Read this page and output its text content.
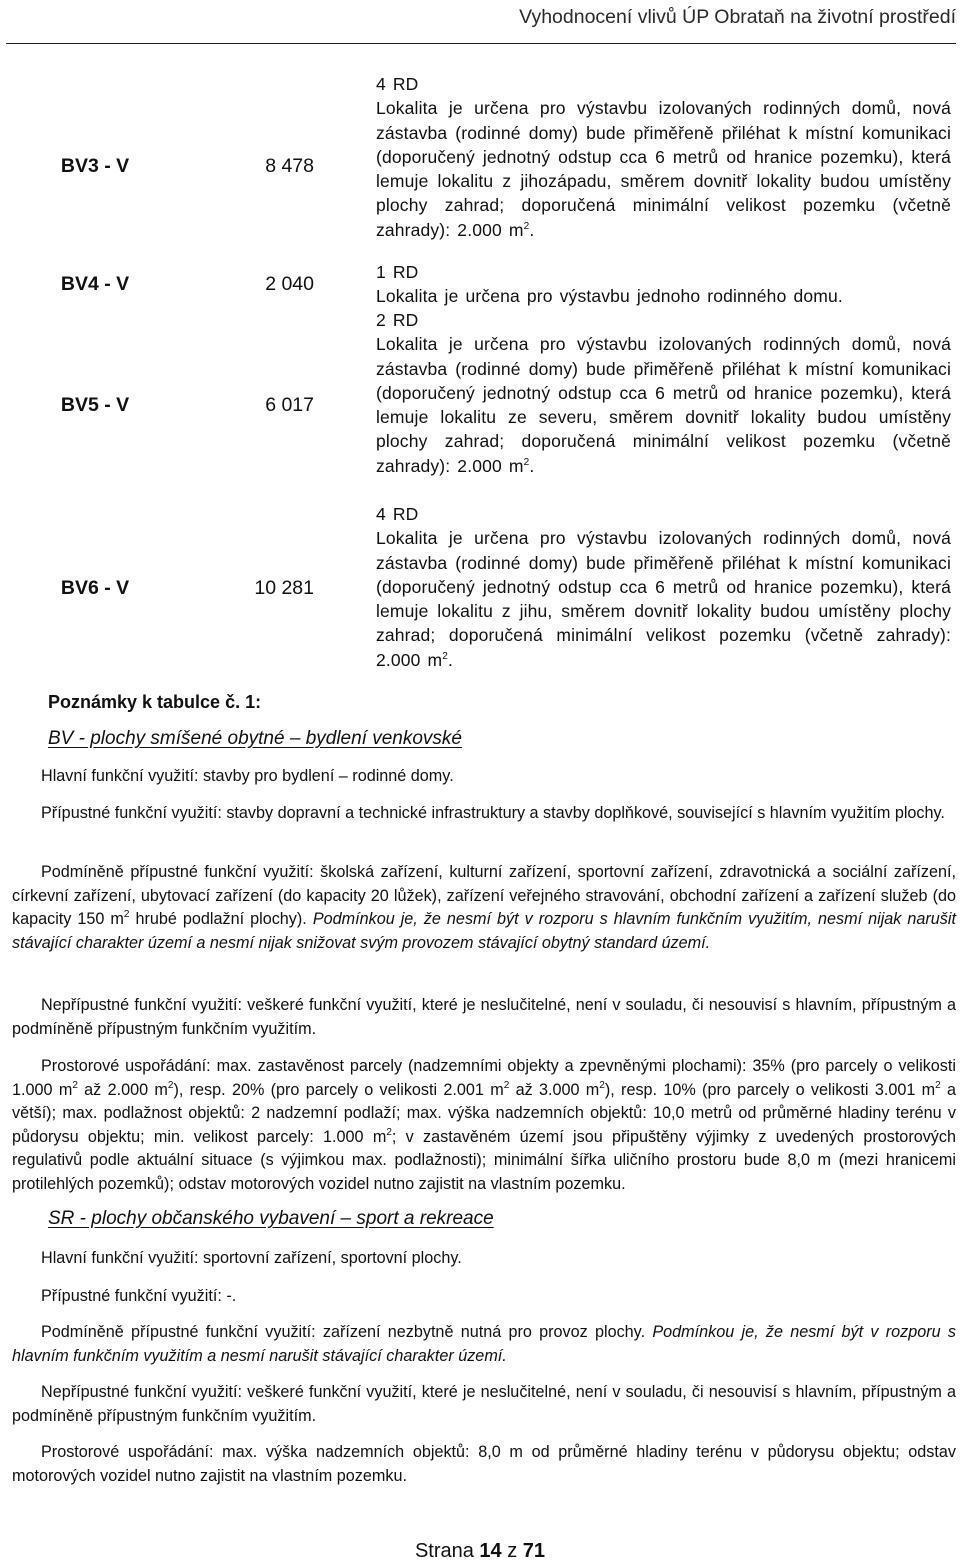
Vyhodnocení vlivů ÚP Obrataň na životní prostředí
BV3 - V	8 478
4 RD
Lokalita je určena pro výstavbu izolovaných rodinných domů, nová zástavba (rodinné domy) bude přiměřeně přiléhat k místní komunikaci (doporučený jednotný odstup cca 6 metrů od hranice pozemku), která lemuje lokalitu z jihozápadu, směrem dovnitř lokality budou umístěny plochy zahrad; doporučená minimální velikost pozemku (včetně zahrady): 2.000 $m^2$.
BV4 - V	2 040
1 RD
Lokalita je určena pro výstavbu jednoho rodinného domu.
BV5 - V	6 017
2 RD
Lokalita je určena pro výstavbu izolovaných rodinných domů, nová zástavba (rodinné domy) bude přiměřeně přiléhat k místní komunikaci (doporučený jednotný odstup cca 6 metrů od hranice pozemku), která lemuje lokalitu ze severu, směrem dovnitř lokality budou umístěny plochy zahrad; doporučená minimální velikost pozemku (včetně zahrady): 2.000 $m^2$.
BV6 - V	10 281
4 RD
Lokalita je určena pro výstavbu izolovaných rodinných domů, nová zástavba (rodinné domy) bude přiměřeně přiléhat k místní komunikaci (doporučený jednotný odstup cca 6 metrů od hranice pozemku), která lemuje lokalitu z jihu, směrem dovnitř lokality budou umístěny plochy zahrad; doporučená minimální velikost pozemku (včetně zahrady): 2.000 $m^2$.
Poznámky k tabulce č. 1:
BV - plochy smíšené obytné – bydlení venkovské
Hlavní funkční využití: stavby pro bydlení – rodinné domy.
Přípustné funkční využití: stavby dopravní a technické infrastruktury a stavby doplňkové, související s hlavním využitím plochy.
Podmíněně přípustné funkční využití: školská zařízení, kulturní zařízení, sportovní zařízení, zdravotnická a sociální zařízení, církevní zařízení, ubytovací zařízení (do kapacity 20 lůžek), zařízení veřejného stravování, obchodní zařízení a zařízení služeb (do kapacity 150 $m^2$ hrubé podlažní plochy). Podmínkou je, že nesmí být v rozporu s hlavním funkčním využitím, nesmí nijak narušit stávající charakter území a nesmí nijak snižovat svým provozem stávající obytný standard území.
Nepřípustné funkční využití: veškeré funkční využití, které je neslučitelné, není v souladu, či nesouvisí s hlavním, přípustným a podmíněně přípustným funkčním využitím.
Prostorové uspořádání: max. zastavěnost parcely (nadzemními objekty a zpevněnými plochami): 35% (pro parcely o velikosti 1.000 $m^2$ až 2.000 $m^2$), resp. 20% (pro parcely o velikosti 2.001 $m^2$ až 3.000 $m^2$), resp. 10% (pro parcely o velikosti 3.001 $m^2$ a větší); max. podlažnost objektů: 2 nadzemní podlaží; max. výška nadzemních objektů: 10,0 metrů od průměrné hladiny terénu v půdorysu objektu; min. velikost parcely: 1.000 $m^2$; v zastavěném území jsou připuštěny výjimky z uvedených prostorových regulativů podle aktuální situace (s výjimkou max. podlažnosti); minimální šířka uličního prostoru bude 8,0 m (mezi hranicemi protilehlých pozemků); odstav motorových vozidel nutno zajistit na vlastním pozemku.
SR - plochy občanského vybavení – sport a rekreace
Hlavní funkční využití: sportovní zařízení, sportovní plochy.
Přípustné funkční využití: -.
Podmíněně přípustné funkční využití: zařízení nezbytně nutná pro provoz plochy. Podmínkou je, že nesmí být v rozporu s hlavním funkčním využitím a nesmí narušit stávající charakter území.
Nepřípustné funkční využití: veškeré funkční využití, které je neslučitelné, není v souladu, či nesouvisí s hlavním, přípustným a podmíněně přípustným funkčním využitím.
Prostorové uspořádání: max. výška nadzemních objektů: 8,0 m od průměrné hladiny terénu v půdorysu objektu; odstav motorových vozidel nutno zajistit na vlastním pozemku.
Strana 14 z 71
